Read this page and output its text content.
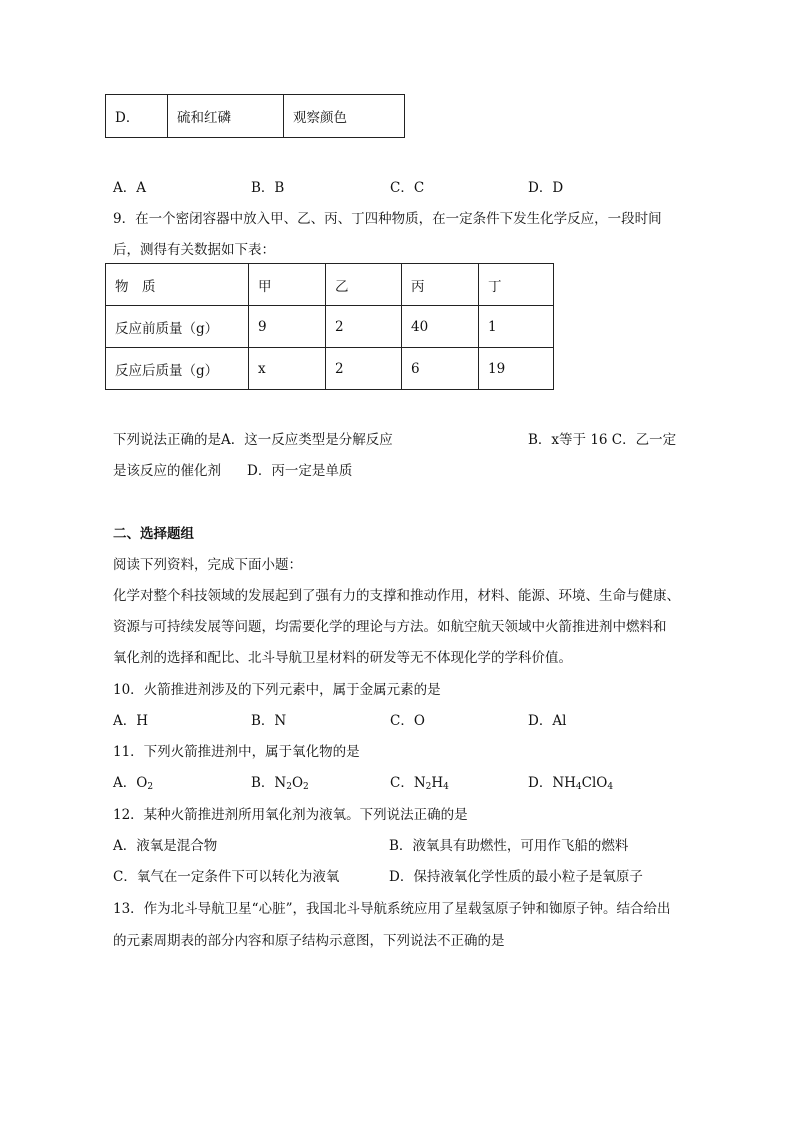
D．	硫和红磷	观察颜色
A．A	B．B	C．C	D．D
9．在一个密闭容器中放入甲、乙、丙、丁四种物质，在一定条件下发生化学反应，一段时间
后，测得有关数据如下表：
物　质	甲	乙	丙	丁
反应前质量（g）	9	2	40	1
反应后质量（g）	x	2	6	19
下列说法正确的是A．这一反应类型是分解反应	B．x等于 16 C．乙一定
是该反应的催化剂 D．丙一定是单质
二、选择题组
阅读下列资料，完成下面小题：
化学对整个科技领域的发展起到了强有力的支撑和推动作用，材料、能源、环境、生命与健康、
资源与可持续发展等问题，均需要化学的理论与方法。如航空航天领域中火箭推进剂中燃料和
氧化剂的选择和配比、北斗导航卫星材料的研发等无不体现化学的学科价值。
10．火箭推进剂涉及的下列元素中，属于金属元素的是
A．H	B．N	C．O	D．Al
11．下列火箭推进剂中，属于氧化物的是
A．$O_2$	B．$N_2O_2$	C．$N_2H_4$	D．$NH_4ClO_4$
12．某种火箭推进剂所用氧化剂为液氧。下列说法正确的是
A．液氧是混合物	B．液氧具有助燃性，可用作飞船的燃料
C．氧气在一定条件下可以转化为液氧	D．保持液氧化学性质的最小粒子是氧原子
13．作为北斗导航卫星“心脏”，我国北斗导航系统应用了星载氢原子钟和铷原子钟。结合给出
的元素周期表的部分内容和原子结构示意图，下列说法不正确的是
